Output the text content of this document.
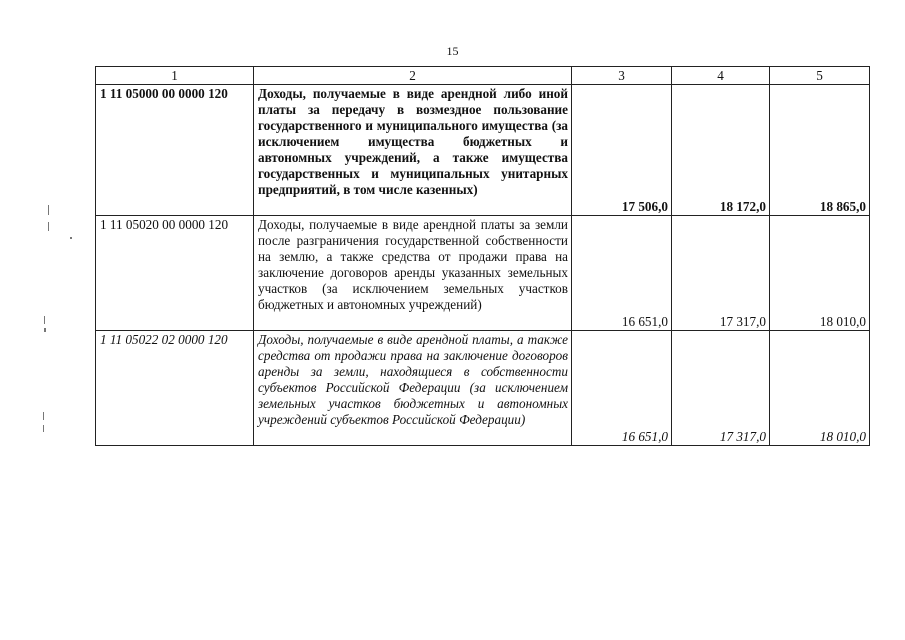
15
1	2	3	4	5
1 11 05000 00 0000 120	Доходы, получаемые в виде арендной либо иной платы за передачу в возмездное пользование государственного и муниципального имущества (за исключением имущества бюджетных и автономных учреждений, а также имущества государственных и муниципальных унитарных предприятий, в том числе казенных)	17 506,0	18 172,0	18 865,0
1 11 05020 00 0000 120	Доходы, получаемые в виде арендной платы за земли после разграничения государственной собственности на землю, а также средства от продажи права на заключение договоров аренды указанных земельных участков (за исключением земельных участков бюджетных и автономных учреждений)	16 651,0	17 317,0	18 010,0
1 11 05022 02 0000 120	Доходы, получаемые в виде арендной платы, а также средства от продажи права на заключение договоров аренды за земли, находящиеся в собственности субъектов Российской Федерации (за исключением земельных участков бюджетных и автономных учреждений субъектов Российской Федерации)	16 651,0	17 317,0	18 010,0
